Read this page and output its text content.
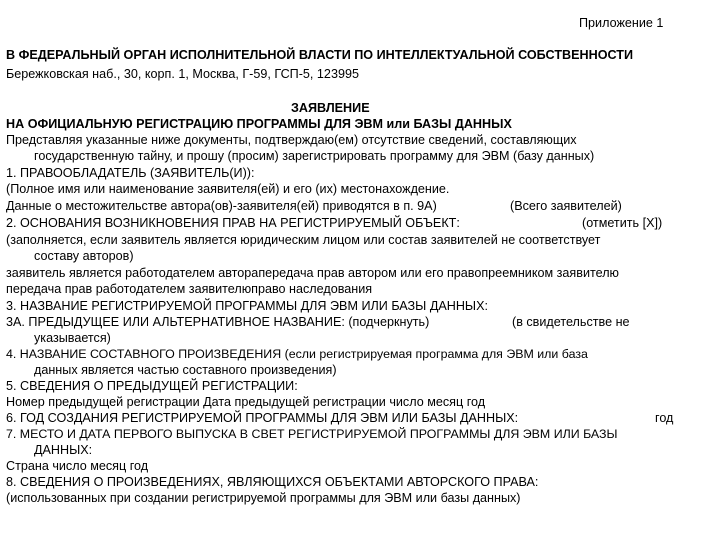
Приложение 1
В ФЕДЕРАЛЬНЫЙ ОРГАН ИСПОЛНИТЕЛЬНОЙ ВЛАСТИ ПО ИНТЕЛЛЕКТУАЛЬНОЙ СОБСТВЕННОСТИ
Бережковская наб., 30, корп. 1, Москва, Г-59, ГСП-5, 123995
ЗАЯВЛЕНИЕ
НА ОФИЦИАЛЬНУЮ РЕГИСТРАЦИЮ ПРОГРАММЫ ДЛЯ ЭВМ или БАЗЫ ДАННЫХ
Представляя указанные ниже документы, подтверждаю(ем) отсутствие сведений, составляющих
государственную тайну, и прошу (просим) зарегистрировать программу для ЭВМ (базу данных)
1. ПРАВООБЛАДАТЕЛЬ (ЗАЯВИТЕЛЬ(И)):
(Полное имя или наименование заявителя(ей) и его (их) местонахождение.
Данные о местожительстве автора(ов)-заявителя(ей) приводятся в п. 9А)	(Всего заявителей)
2. ОСНОВАНИЯ ВОЗНИКНОВЕНИЯ ПРАВ НА РЕГИСТРИРУЕМЫЙ ОБЪЕКТ:	(отметить [X])
(заполняется, если заявитель является юридическим лицом или состав заявителей не соответствует
составу авторов)
заявитель является работодателем авторапередача прав автором или его правопреемником заявителю
передача прав работодателем заявителюправо наследования
3. НАЗВАНИЕ РЕГИСТРИРУЕМОЙ ПРОГРАММЫ ДЛЯ ЭВМ ИЛИ БАЗЫ ДАННЫХ:
3А. ПРЕДЫДУЩЕЕ ИЛИ АЛЬТЕРНАТИВНОЕ НАЗВАНИЕ: (подчеркнуть)	(в свидетельстве не
указывается)
4. НАЗВАНИЕ СОСТАВНОГО ПРОИЗВЕДЕНИЯ (если регистрируемая программа для ЭВМ или база
данных является частью составного произведения)
5. СВЕДЕНИЯ О ПРЕДЫДУЩЕЙ РЕГИСТРАЦИИ:
Номер предыдущей регистрации Дата предыдущей регистрации число месяц год
6. ГОД СОЗДАНИЯ РЕГИСТРИРУЕМОЙ ПРОГРАММЫ ДЛЯ ЭВМ ИЛИ БАЗЫ ДАННЫХ:	год
7. МЕСТО И ДАТА ПЕРВОГО ВЫПУСКА В СВЕТ РЕГИСТРИРУЕМОЙ ПРОГРАММЫ ДЛЯ ЭВМ ИЛИ БАЗЫ
ДАННЫХ:
Страна число месяц год
8. СВЕДЕНИЯ О ПРОИЗВЕДЕНИЯХ, ЯВЛЯЮЩИХСЯ ОБЪЕКТАМИ АВТОРСКОГО ПРАВА:
(использованных при создании регистрируемой программы для ЭВМ или базы данных)
